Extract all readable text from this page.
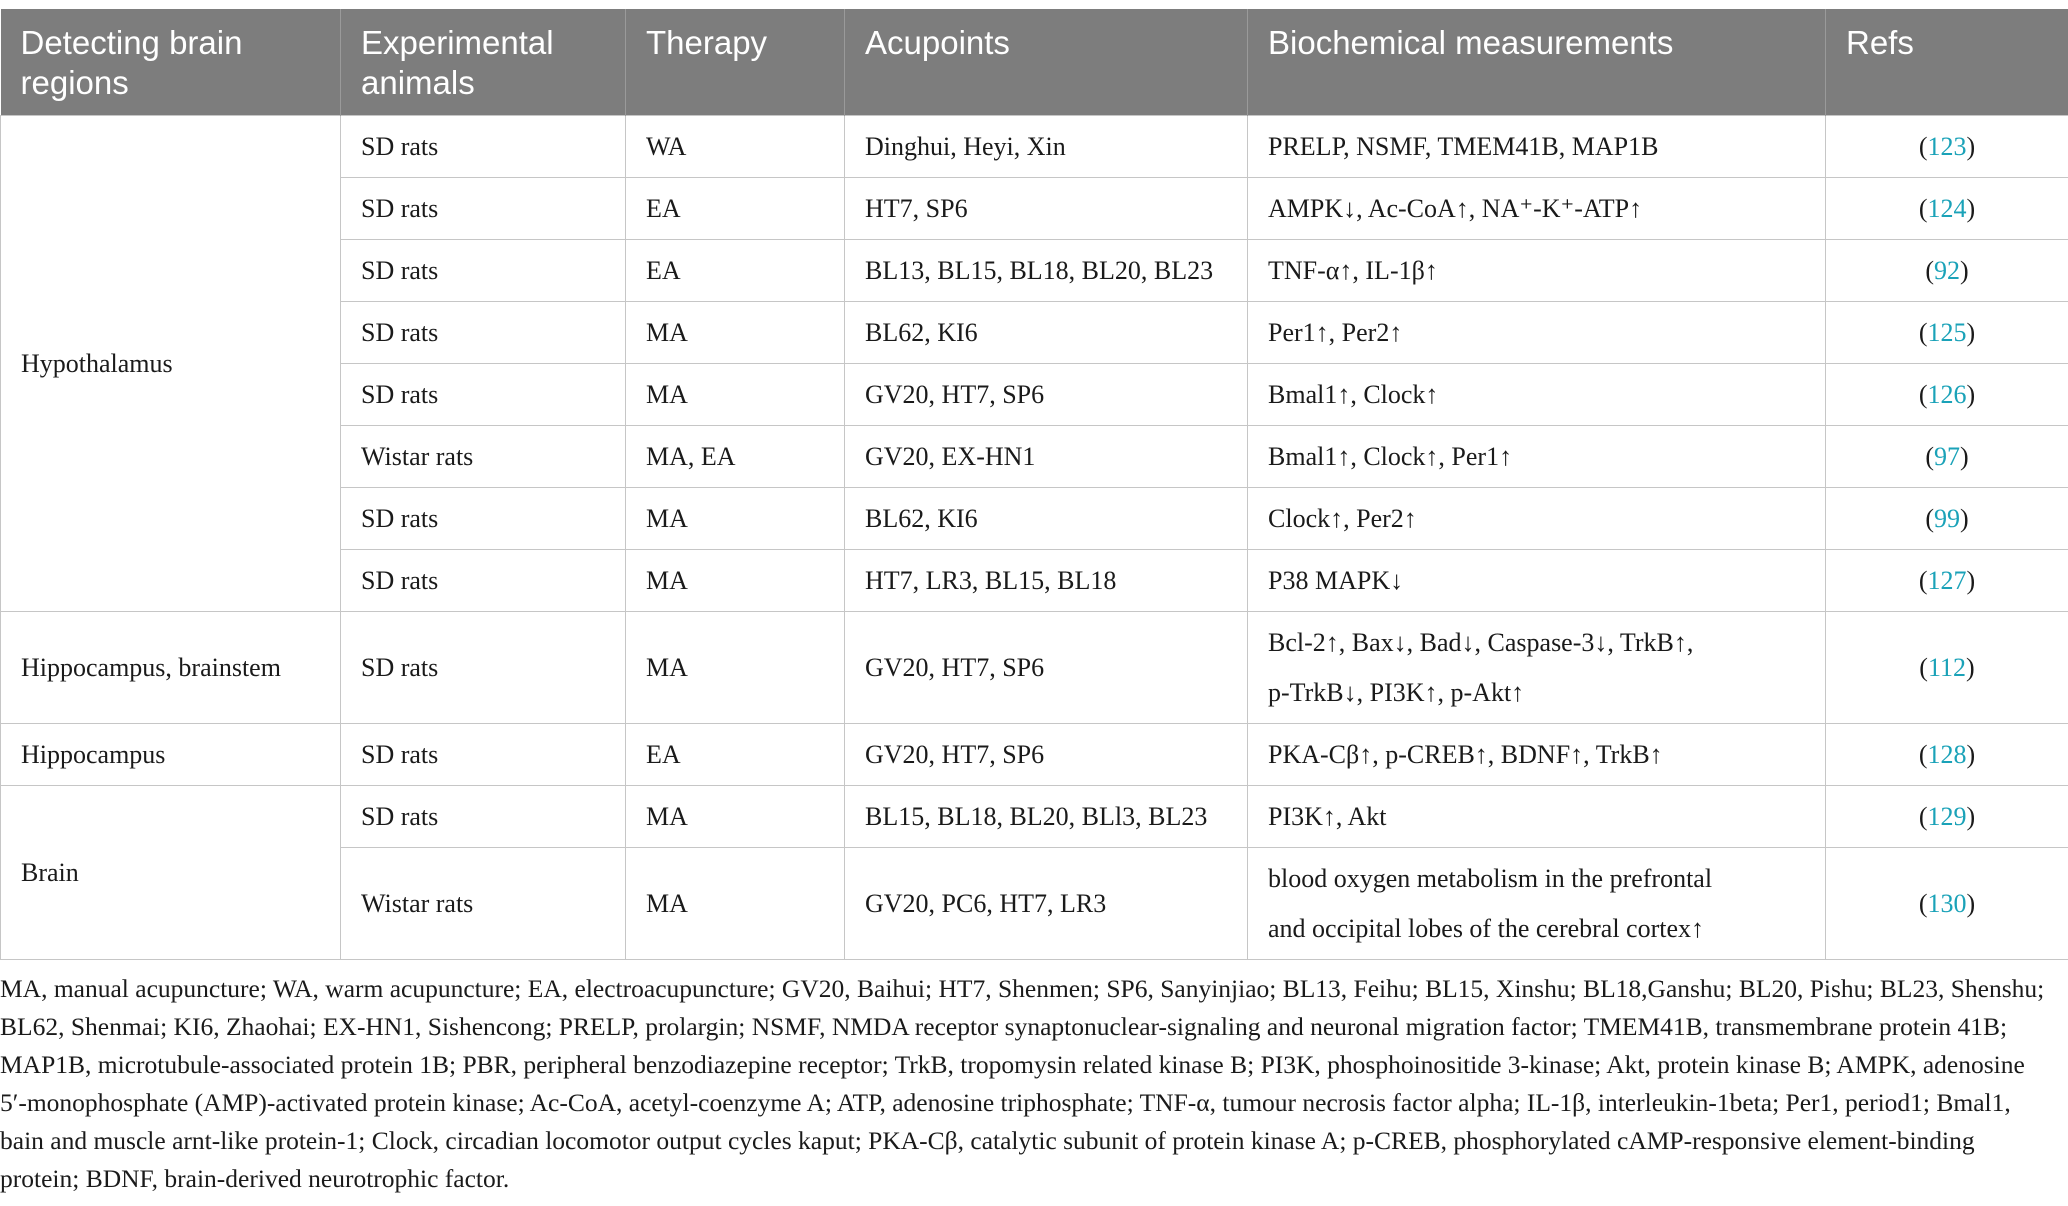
Detecting brain regions	Experimental animals	Therapy	Acupoints	Biochemical measurements	Refs
Hypothalamus	SD rats	WA	Dinghui, Heyi, Xin	PRELP, NSMF, TMEM41B, MAP1B	(123)
	SD rats	EA	HT7, SP6	AMPK↓, Ac-CoA↑, NA⁺-K⁺-ATP↑	(124)
	SD rats	EA	BL13, BL15, BL18, BL20, BL23	TNF-α↑, IL-1β↑	(92)
	SD rats	MA	BL62, KI6	Per1↑, Per2↑	(125)
	SD rats	MA	GV20, HT7, SP6	Bmal1↑, Clock↑	(126)
	Wistar rats	MA, EA	GV20, EX-HN1	Bmal1↑, Clock↑, Per1↑	(97)
	SD rats	MA	BL62, KI6	Clock↑, Per2↑	(99)
	SD rats	MA	HT7, LR3, BL15, BL18	P38 MAPK↓	(127)
Hippocampus, brainstem	SD rats	MA	GV20, HT7, SP6	Bcl-2↑, Bax↓, Bad↓, Caspase-3↓, TrkB↑,
p-TrkB↓, PI3K↑, p-Akt↑	(112)
Hippocampus	SD rats	EA	GV20, HT7, SP6	PKA-Cβ↑, p-CREB↑, BDNF↑, TrkB↑	(128)
Brain	SD rats	MA	BL15, BL18, BL20, BLl3, BL23	PI3K↑, Akt	(129)
	Wistar rats	MA	GV20, PC6, HT7, LR3	blood oxygen metabolism in the prefrontal
and occipital lobes of the cerebral cortex↑	(130)
MA, manual acupuncture; WA, warm acupuncture; EA, electroacupuncture; GV20, Baihui; HT7, Shenmen; SP6, Sanyinjiao; BL13, Feihu; BL15, Xinshu; BL18,Ganshu; BL20, Pishu; BL23, Shenshu; BL62, Shenmai; KI6, Zhaohai; EX-HN1, Sishencong; PRELP, prolargin; NSMF, NMDA receptor synaptonuclear-signaling and neuronal migration factor; TMEM41B, transmembrane protein 41B; MAP1B, microtubule-associated protein 1B; PBR, peripheral benzodiazepine receptor; TrkB, tropomysin related kinase B; PI3K, phosphoinositide 3-kinase; Akt, protein kinase B; AMPK, adenosine 5′-monophosphate (AMP)-activated protein kinase; Ac-CoA, acetyl-coenzyme A; ATP, adenosine triphosphate; TNF-α, tumour necrosis factor alpha; IL-1β, interleukin-1beta; Per1, period1; Bmal1, bain and muscle arnt-like protein-1; Clock, circadian locomotor output cycles kaput; PKA-Cβ, catalytic subunit of protein kinase A; p-CREB, phosphorylated cAMP-responsive element-binding protein; BDNF, brain-derived neurotrophic factor.
